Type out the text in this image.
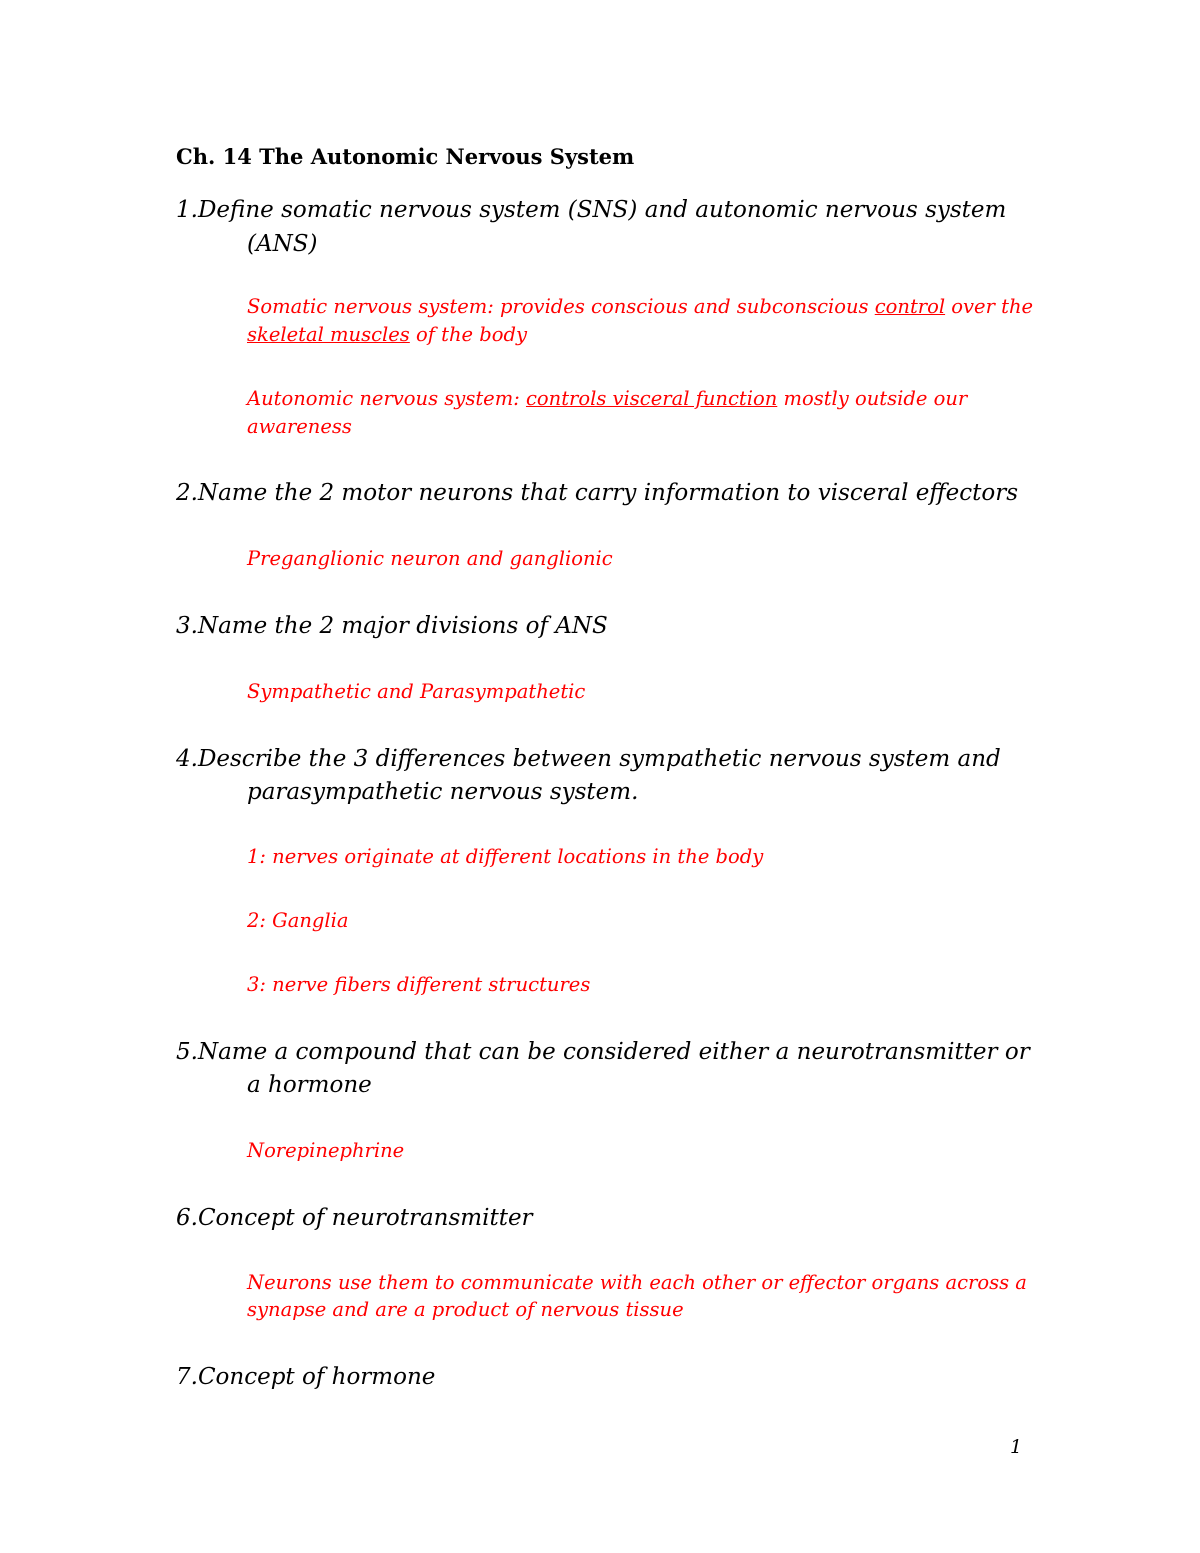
Ch. 14 The Autonomic Nervous System
1.Define somatic nervous system (SNS) and autonomic nervous system
(ANS)
Somatic nervous system: provides conscious and subconscious control over the
skeletal muscles of the body
Autonomic nervous system: controls visceral function mostly outside our
awareness
2.Name the 2 motor neurons that carry information to visceral effectors
Preganglionic neuron and ganglionic
3.Name the 2 major divisions of ANS
Sympathetic and Parasympathetic
4.Describe the 3 differences between sympathetic nervous system and
parasympathetic nervous system.
1: nerves originate at different locations in the body
2: Ganglia
3: nerve fibers different structures
5.Name a compound that can be considered either a neurotransmitter or
a hormone
Norepinephrine
6.Concept of neurotransmitter
Neurons use them to communicate with each other or effector organs across a
synapse and are a product of nervous tissue
7.Concept of hormone
1
